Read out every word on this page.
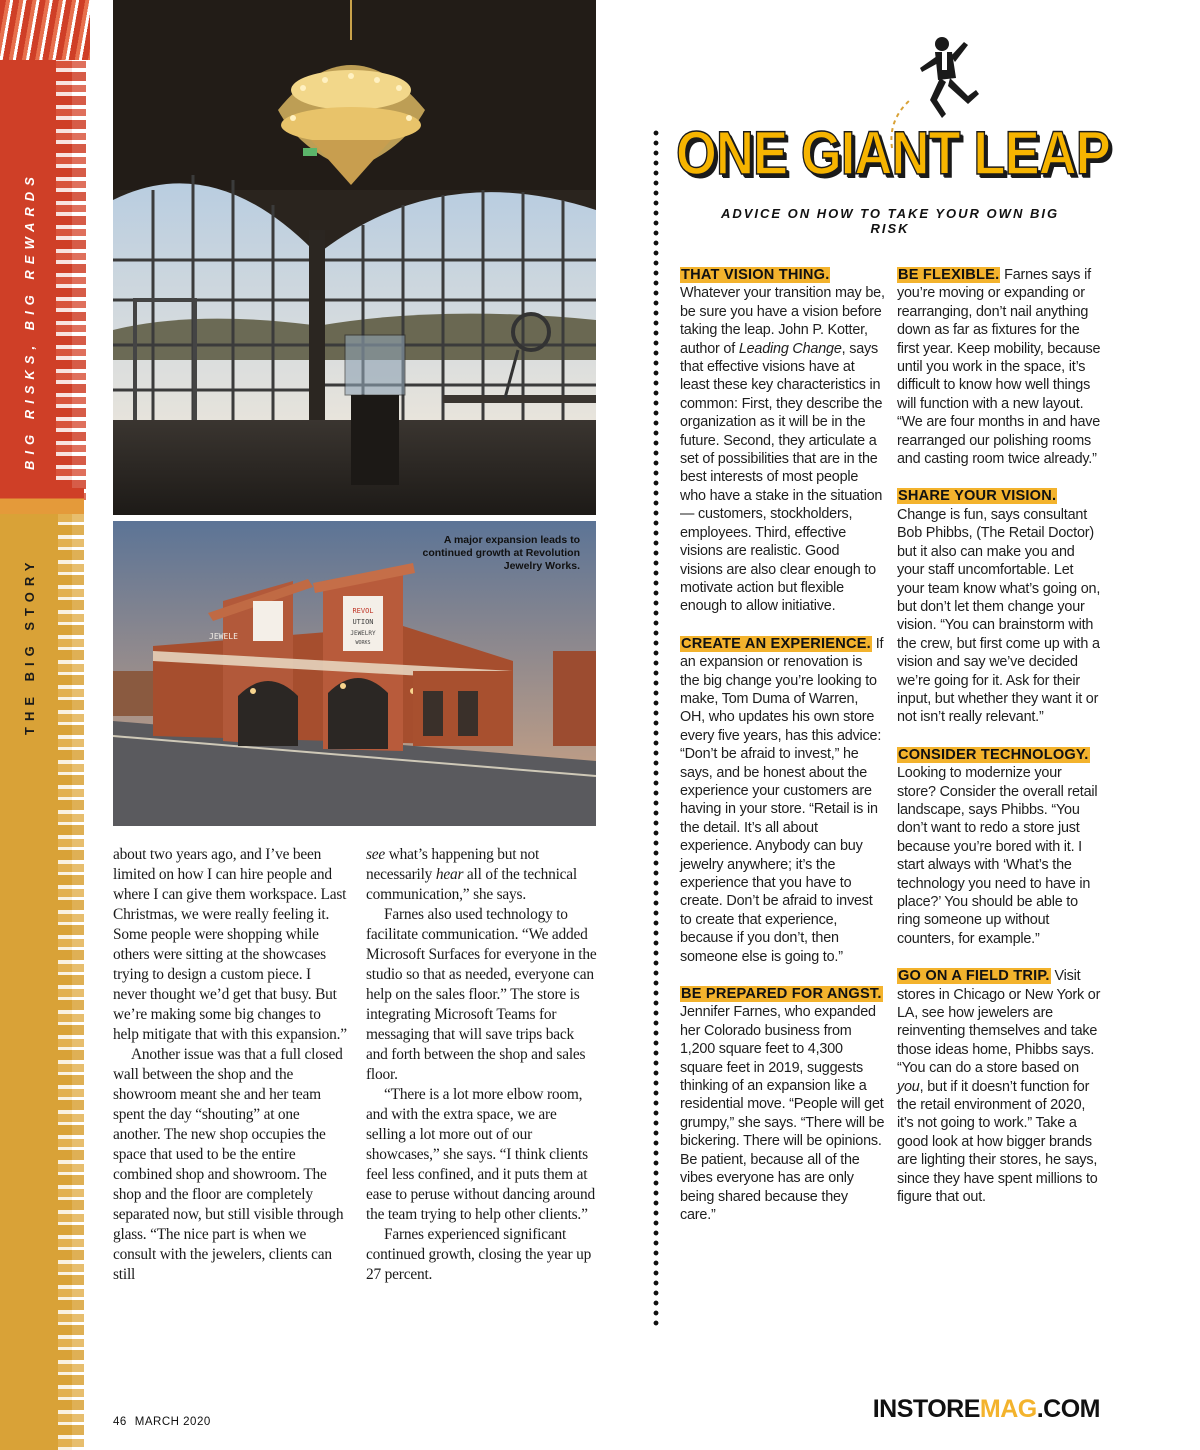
REVOL
UTION
JEWELRY
WORKS
JEWELE
A major expansion leads to continued growth at Revolution Jewelry Works.

about two years ago, and I’ve been limited on how I can hire people and where I can give them workspace. Last Christmas, we were really feeling it. Some people were shopping while others were sitting at the showcases trying to design a custom piece. I never thought we’d get that busy. But we’re making some big changes to help mitigate that with this expansion.”

Another issue was that a full closed wall between the shop and the showroom meant she and her team spent the day “shouting” at one another. The new shop occupies the space that used to be the entire combined shop and showroom. The shop and the floor are completely separated now, but still visible through glass. “The nice part is when we consult with the jewelers, clients can still

see what’s happening but not necessarily hear all of the technical communication,” she says.

Farnes also used technology to facilitate communication. “We added Microsoft Surfaces for everyone in the studio so that as needed, everyone can help on the sales floor.” The store is integrating Microsoft Teams for messaging that will save trips back and forth between the shop and sales floor.

“There is a lot more elbow room, and with the extra space, we are selling a lot more out of our showcases,” she says. “I think clients feel less confined, and it puts them at ease to peruse without dancing around the team trying to help other clients.”

Farnes experienced significant continued growth, closing the year up 27 percent.

ONE GIANT LEAP
ADVICE ON HOW TO TAKE YOUR OWN BIG RISK

THAT VISION THING. Whatever your transition may be, be sure you have a vision before taking the leap. John P. Kotter, author of Leading Change, says that effective visions have at least these key characteristics in common: First, they describe the organization as it will be in the future. Second, they articulate a set of possibilities that are in the best interests of most people who have a stake in the situation — customers, stockholders, employees. Third, effective visions are realistic. Good visions are also clear enough to motivate action but flexible enough to allow initiative.

CREATE AN EXPERIENCE. If an expansion or renovation is the big change you’re looking to make, Tom Duma of Warren, OH, who updates his own store every five years, has this advice: “Don’t be afraid to invest,” he says, and be honest about the experience your customers are having in your store. “Retail is in the detail. It’s all about experience. Anybody can buy jewelry anywhere; it’s the experience that you have to create. Don’t be afraid to invest to create that experience, because if you don’t, then someone else is going to.”

BE PREPARED FOR ANGST. Jennifer Farnes, who expanded her Colorado business from 1,200 square feet to 4,300 square feet in 2019, suggests thinking of an expansion like a residential move. “People will get grumpy,” she says. “There will be bickering. There will be opinions. Be patient, because all of the vibes everyone has are only being shared because they care.”

BE FLEXIBLE. Farnes says if you’re moving or expanding or rearranging, don’t nail anything down as far as fixtures for the first year. Keep mobility, because until you work in the space, it’s difficult to know how well things will function with a new layout. “We are four months in and have rearranged our polishing rooms and casting room twice already.”

SHARE YOUR VISION. Change is fun, says consultant Bob Phibbs, (The Retail Doctor) but it also can make you and your staff uncomfortable. Let your team know what’s going on, but don’t let them change your vision. “You can brainstorm with the crew, but first come up with a vision and say we’ve decided we’re going for it. Ask for their input, but whether they want it or not isn’t really relevant.”

CONSIDER TECHNOLOGY. Looking to modernize your store? Consider the overall retail landscape, says Phibbs. “You don’t want to redo a store just because you’re bored with it. I start always with ‘What’s the technology you need to have in place?’ You should be able to ring someone up without counters, for example.”

GO ON A FIELD TRIP. Visit stores in Chicago or New York or LA, see how jewelers are reinventing themselves and take those ideas home, Phibbs says. “You can do a store based on you, but if it doesn’t function for the retail environment of 2020, it’s not going to work.” Take a good look at how bigger brands are lighting their stores, he says, since they have spent millions to figure that out.

46 MARCH 2020	INSTOREMAG.COM
